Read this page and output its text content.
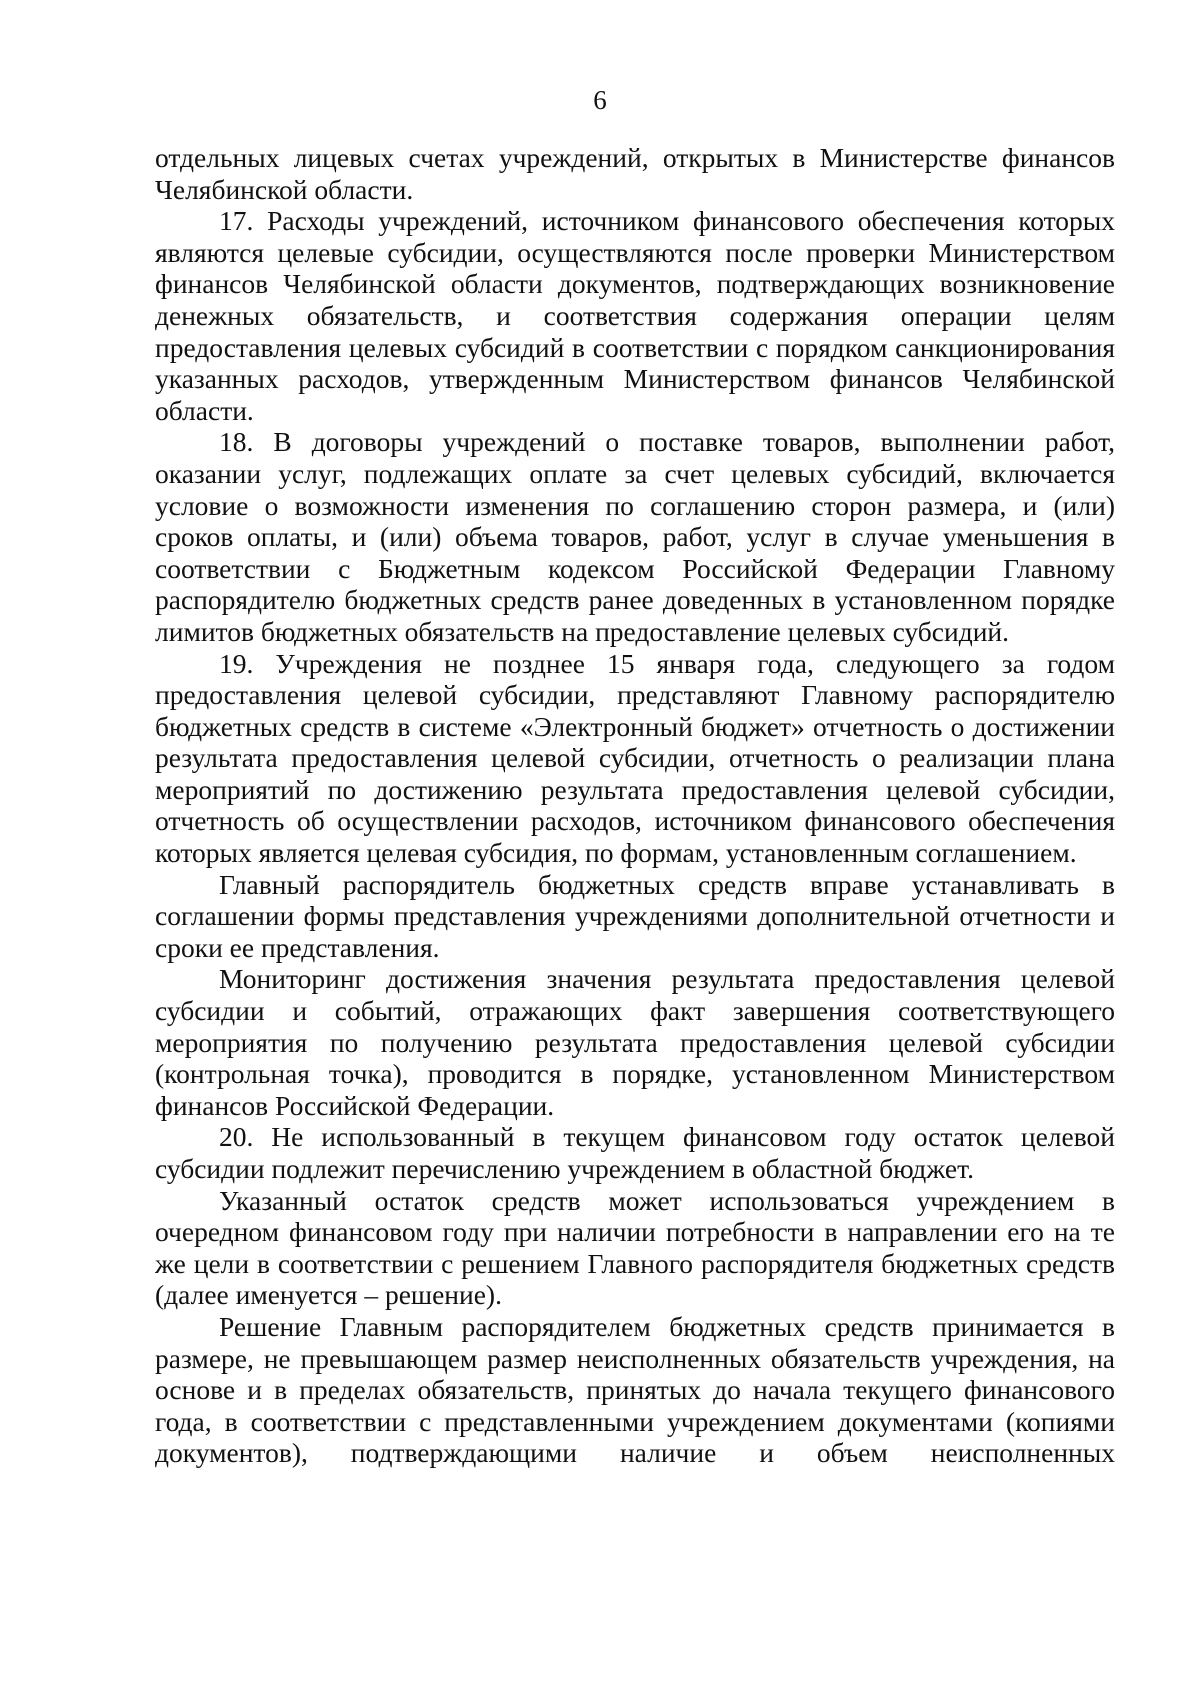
6

отдельных лицевых счетах учреждений, открытых в Министерстве финансов Челябинской области.

17. Расходы учреждений, источником финансового обеспечения которых являются целевые субсидии, осуществляются после проверки Министерством финансов Челябинской области документов, подтверждающих возникновение денежных обязательств, и соответствия содержания операции целям предоставления целевых субсидий в соответствии с порядком санкционирования указанных расходов, утвержденным Министерством финансов Челябинской области.

18. В договоры учреждений о поставке товаров, выполнении работ, оказании услуг, подлежащих оплате за счет целевых субсидий, включается условие о возможности изменения по соглашению сторон размера, и (или) сроков оплаты, и (или) объема товаров, работ, услуг в случае уменьшения в соответствии с Бюджетным кодексом Российской Федерации Главному распорядителю бюджетных средств ранее доведенных в установленном порядке лимитов бюджетных обязательств на предоставление целевых субсидий.

19. Учреждения не позднее 15 января года, следующего за годом предоставления целевой субсидии, представляют Главному распорядителю бюджетных средств в системе «Электронный бюджет» отчетность о достижении результата предоставления целевой субсидии, отчетность о реализации плана мероприятий по достижению результата предоставления целевой субсидии, отчетность об осуществлении расходов, источником финансового обеспечения которых является целевая субсидия, по формам, установленным соглашением.

Главный распорядитель бюджетных средств вправе устанавливать в соглашении формы представления учреждениями дополнительной отчетности и сроки ее представления.

Мониторинг достижения значения результата предоставления целевой субсидии и событий, отражающих факт завершения соответствующего мероприятия по получению результата предоставления целевой субсидии (контрольная точка), проводится в порядке, установленном Министерством финансов Российской Федерации.

20. Не использованный в текущем финансовом году остаток целевой субсидии подлежит перечислению учреждением в областной бюджет.

Указанный остаток средств может использоваться учреждением в очередном финансовом году при наличии потребности в направлении его на те же цели в соответствии с решением Главного распорядителя бюджетных средств (далее именуется – решение).

Решение Главным распорядителем бюджетных средств принимается в размере, не превышающем размер неисполненных обязательств учреждения, на основе и в пределах обязательств, принятых до начала текущего финансового года, в соответствии с представленными учреждением документами (копиями документов), подтверждающими наличие и объем неисполненных
